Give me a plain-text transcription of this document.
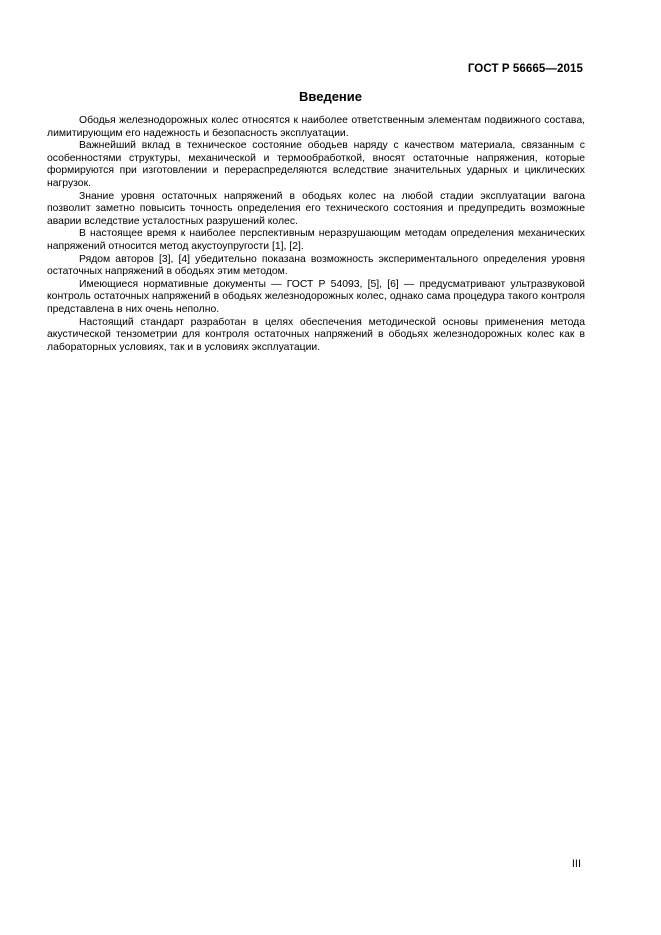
ГОСТ Р 56665—2015
Введение

Ободья железнодорожных колес относятся к наиболее ответственным элементам подвижного состава, лимитирующим его надежность и безопасность эксплуатации.

Важнейший вклад в техническое состояние ободьев наряду с качеством материала, связанным с особенностями структуры, механической и термообработкой, вносят остаточные напряжения, которые формируются при изготовлении и перераспределяются вследствие значительных ударных и циклических нагрузок.

Знание уровня остаточных напряжений в ободьях колес на любой стадии эксплуатации вагона позволит заметно повысить точность определения его технического состояния и предупредить возможные аварии вследствие усталостных разрушений колес.

В настоящее время к наиболее перспективным неразрушающим методам определения механических напряжений относится метод акустоупругости [1], [2].

Рядом авторов [3], [4] убедительно показана возможность экспериментального определения уровня остаточных напряжений в ободьях этим методом.

Имеющиеся нормативные документы — ГОСТ Р 54093, [5], [6] — предусматривают ультразвуковой контроль остаточных напряжений в ободьях железнодорожных колес, однако сама процедура такого контроля представлена в них очень неполно.

Настоящий стандарт разработан в целях обеспечения методической основы применения метода акустической тензометрии для контроля остаточных напряжений в ободьях железнодорожных колес как в лабораторных условиях, так и в условиях эксплуатации.

III
